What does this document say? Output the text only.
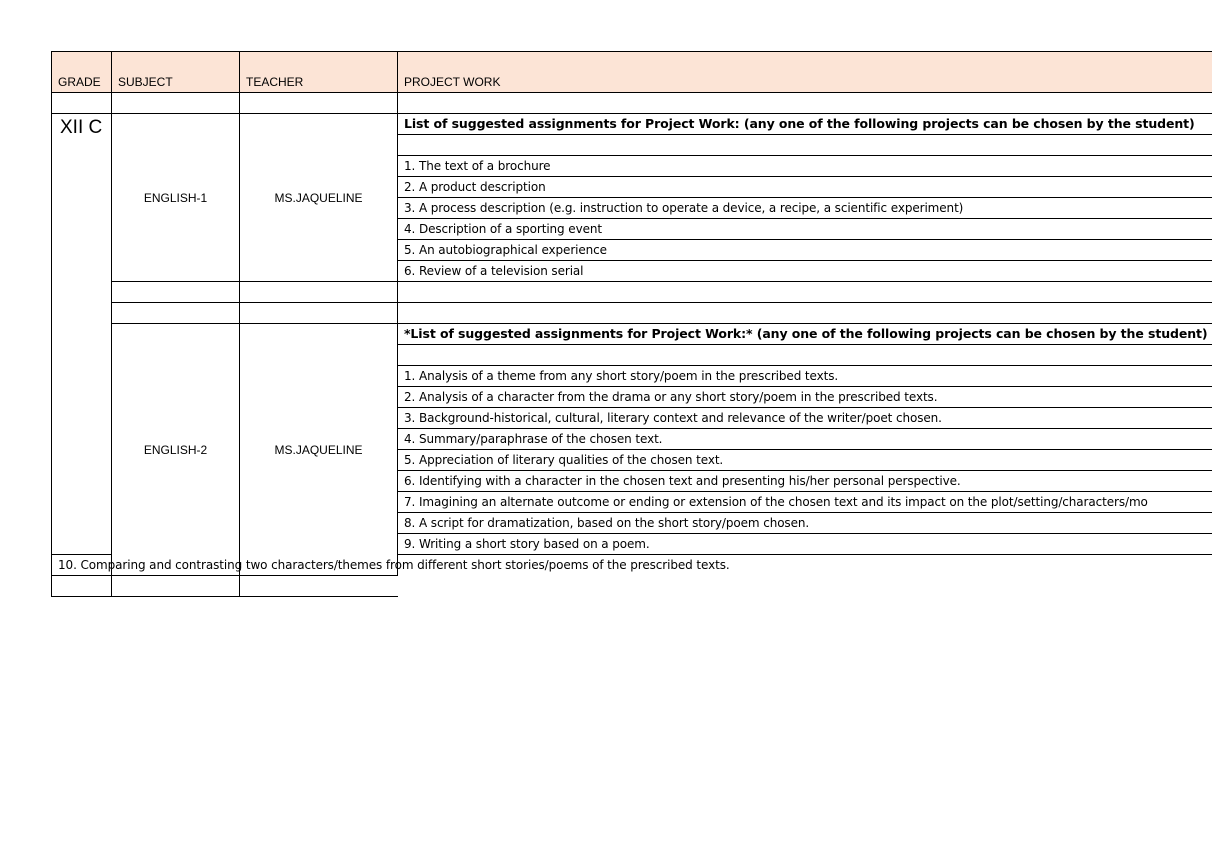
GRADE	SUBJECT	TEACHER	PROJECT WORK

XII C	ENGLISH-1	MS.JAQUELINE	List of suggested assignments for Project Work: (any one of the following projects can be chosen by the student)

			1. The text of a brochure
			2. A product description
			3. A process description (e.g. instruction to operate a device, a recipe, a scientific experiment)
			4. Description of a sporting event
			5. An autobiographical experience
			6. Review of a television serial

	ENGLISH-2	MS.JAQUELINE	*List of suggested assignments for Project Work:* (any one of the following projects can be chosen by the student)

			1. Analysis of a theme from any short story/poem in the prescribed texts.
			2. Analysis of a character from the drama or any short story/poem in the prescribed texts.
			3. Background-historical, cultural, literary context and relevance of the writer/poet chosen.
			4. Summary/paraphrase of the chosen text.
			5. Appreciation of literary qualities of the chosen text.
			6. Identifying with a character in the chosen text and presenting his/her personal perspective.
			7. Imagining an alternate outcome or ending or extension of the chosen text and its impact on the plot/setting/characters/mo
			8. A script for dramatization, based on the short story/poem chosen.
			9. Writing a short story based on a poem.
10. Comparing and contrasting two characters/themes from different short stories/poems of the prescribed texts.			
